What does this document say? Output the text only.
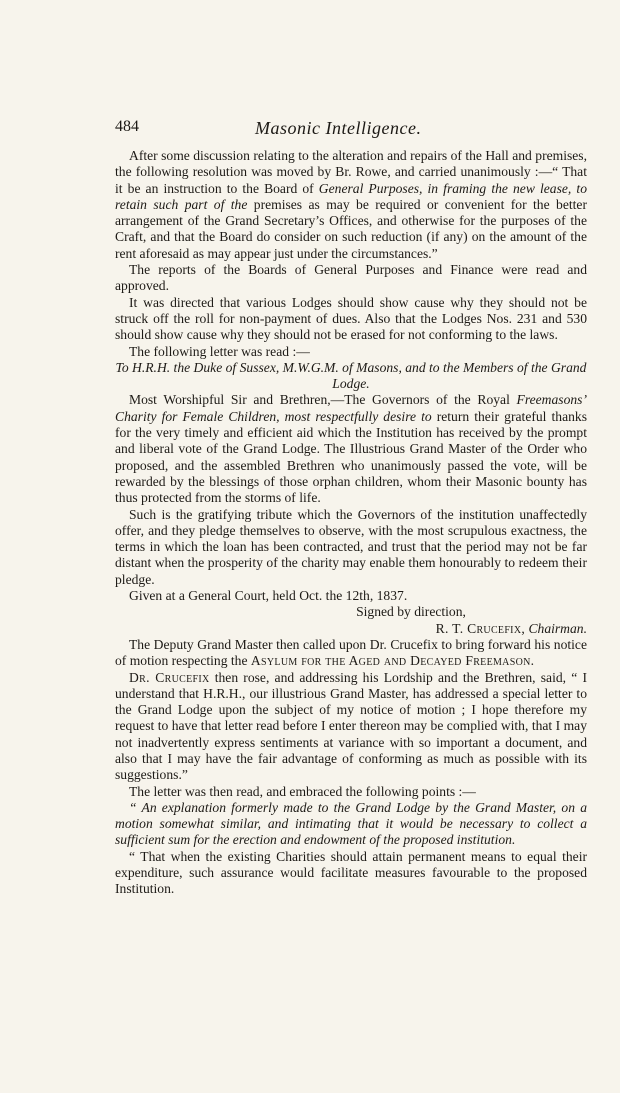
484	Masonic Intelligence.

After some discussion relating to the alteration and repairs of the Hall and premises, the following resolution was moved by Br. Rowe, and carried unanimously :—“ That it be an instruction to the Board of General Purposes, in framing the new lease, to retain such part of the premises as may be required or convenient for the better arrangement of the Grand Secretary’s Offices, and otherwise for the purposes of the Craft, and that the Board do consider on such reduction (if any) on the amount of the rent aforesaid as may appear just under the circumstances.”

The reports of the Boards of General Purposes and Finance were read and approved.

It was directed that various Lodges should show cause why they should not be struck off the roll for non-payment of dues. Also that the Lodges Nos. 231 and 530 should show cause why they should not be erased for not conforming to the laws.

The following letter was read :—

To H.R.H. the Duke of Sussex, M.W.G.M. of Masons, and to the Members of the Grand Lodge.

Most Worshipful Sir and Brethren,—The Governors of the Royal Freemasons’ Charity for Female Children, most respectfully desire to return their grateful thanks for the very timely and efficient aid which the Institution has received by the prompt and liberal vote of the Grand Lodge. The Illustrious Grand Master of the Order who proposed, and the assembled Brethren who unanimously passed the vote, will be rewarded by the blessings of those orphan children, whom their Masonic bounty has thus protected from the storms of life.

Such is the gratifying tribute which the Governors of the institution unaffectedly offer, and they pledge themselves to observe, with the most scrupulous exactness, the terms in which the loan has been contracted, and trust that the period may not be far distant when the prosperity of the charity may enable them honourably to redeem their pledge.

Given at a General Court, held Oct. the 12th, 1837.

Signed by direction,

R. T. Crucefix, Chairman.

The Deputy Grand Master then called upon Dr. Crucefix to bring forward his notice of motion respecting the Asylum for the Aged and Decayed Freemason.

Dr. Crucefix then rose, and addressing his Lordship and the Brethren, said, “ I understand that H.R.H., our illustrious Grand Master, has addressed a special letter to the Grand Lodge upon the subject of my notice of motion ; I hope therefore my request to have that letter read before I enter thereon may be complied with, that I may not inadvertently express sentiments at variance with so important a document, and also that I may have the fair advantage of conforming as much as possible with its suggestions.”

The letter was then read, and embraced the following points :—

“ An explanation formerly made to the Grand Lodge by the Grand Master, on a motion somewhat similar, and intimating that it would be necessary to collect a sufficient sum for the erection and endowment of the proposed institution.

“ That when the existing Charities should attain permanent means to equal their expenditure, such assurance would facilitate measures favourable to the proposed Institution.
